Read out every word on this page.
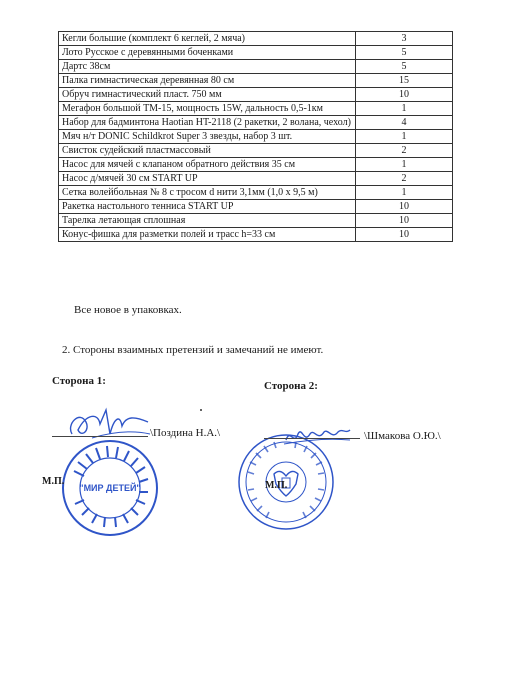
Кегли большие (комплект 6 кеглей, 2 мяча)	3
Лото Русское с деревянными боченками	5
Дартс 38см	5
Палка гимнастическая деревянная 80 см	15
Обруч гимнастический пласт. 750 мм	10
Мегафон большой ТМ-15, мощность 15W, дальность 0,5-1км	1
Набор для бадминтона Haotian HT-2118 (2 ракетки, 2 волана, чехол)	4
Мяч н/т DONIC Schildkrot Super 3 звезды, набор 3 шт.	1
Свисток судейский пластмассовый	2
Насос для мячей с клапаном обратного действия 35 см	1
Насос д/мячей 30 см START UP	2
Сетка волейбольная № 8 с тросом d нити 3,1мм (1,0 х 9,5 м)	1
Ракетка настольного тенниса START UP	10
Тарелка летающая сплошная	10
Конус-фишка для разметки полей и трасс h=33 см	10
Все новое в упаковках.
2. Стороны взаимных претензий и замечаний не имеют.
Сторона 1:	Сторона 2:
"МИР ДЕТЕЙ"
\Поздина Н.А.\	\Шмакова О.Ю.\
М.П.	М.П.
